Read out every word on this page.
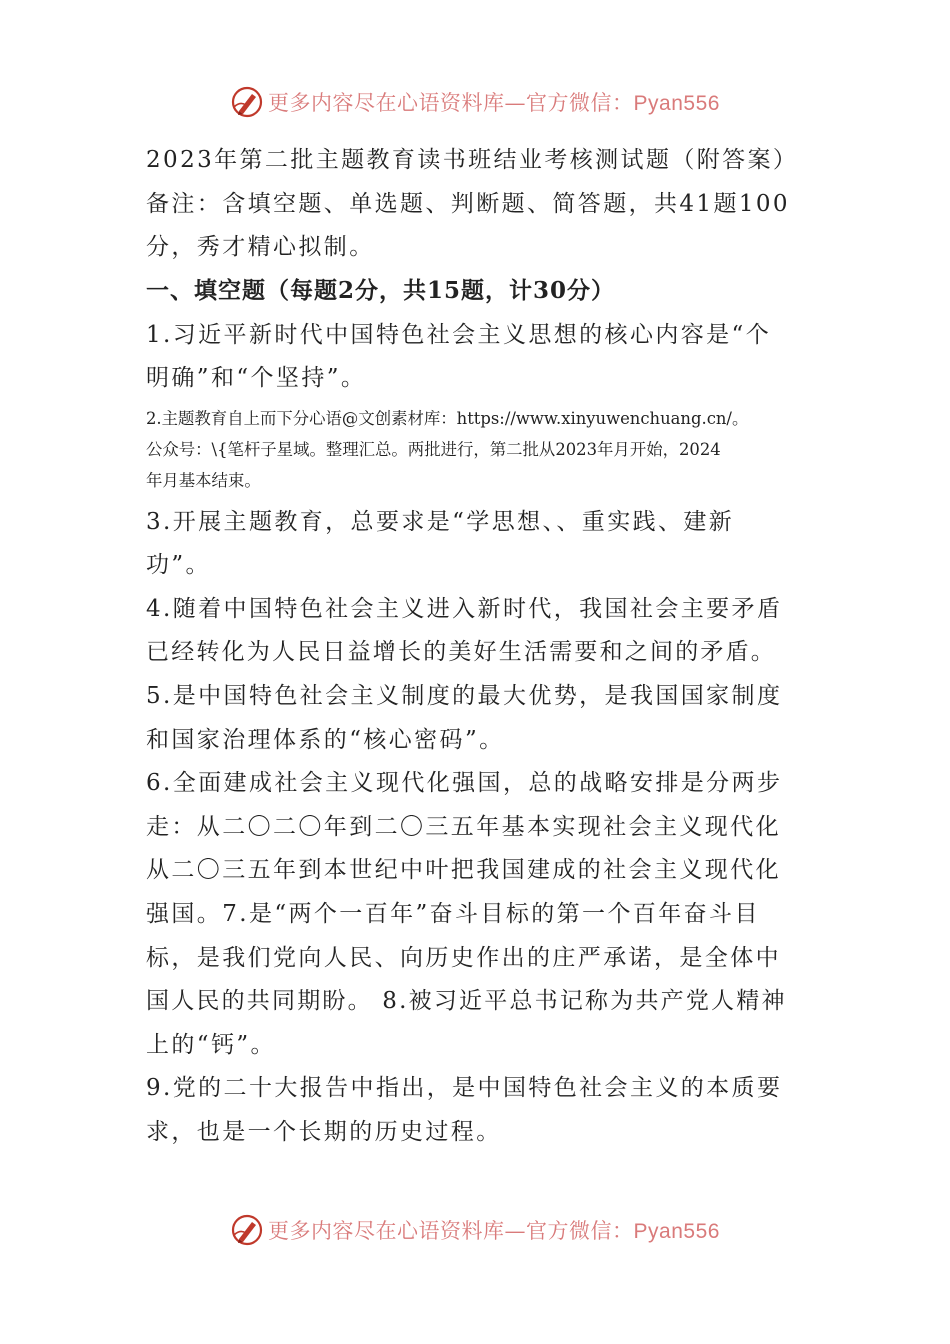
更多内容尽在心语资料库—官方微信：Pyan556
2023年第二批主题教育读书班结业考核测试题（附答案）
备注：含填空题、单选题、判断题、简答题，共41题100
分，秀才精心拟制。
一、填空题（每题2分，共15题，计30分）
1.习近平新时代中国特色社会主义思想的核心内容是“个
明确”和“个坚持”。
2.主题教育自上而下分心语@文创素材库：https://www.xinyuwenchuang.cn/。
公众号：\{笔杆子星域。整理汇总。两批进行，第二批从2023年月开始，2024
年月基本结束。
3.开展主题教育，总要求是“学思想、、重实践、建新
功”。
4.随着中国特色社会主义进入新时代，我国社会主要矛盾
已经转化为人民日益增长的美好生活需要和之间的矛盾。
5.是中国特色社会主义制度的最大优势，是我国国家制度
和国家治理体系的“核心密码”。
6.全面建成社会主义现代化强国，总的战略安排是分两步
走：从二〇二〇年到二〇三五年基本实现社会主义现代化
从二〇三五年到本世纪中叶把我国建成的社会主义现代化
强国。7.是“两个一百年”奋斗目标的第一个百年奋斗目
标，是我们党向人民、向历史作出的庄严承诺，是全体中
国人民的共同期盼。 8.被习近平总书记称为共产党人精神
上的“钙”。
9.党的二十大报告中指出，是中国特色社会主义的本质要
求，也是一个长期的历史过程。
更多内容尽在心语资料库—官方微信：Pyan556
